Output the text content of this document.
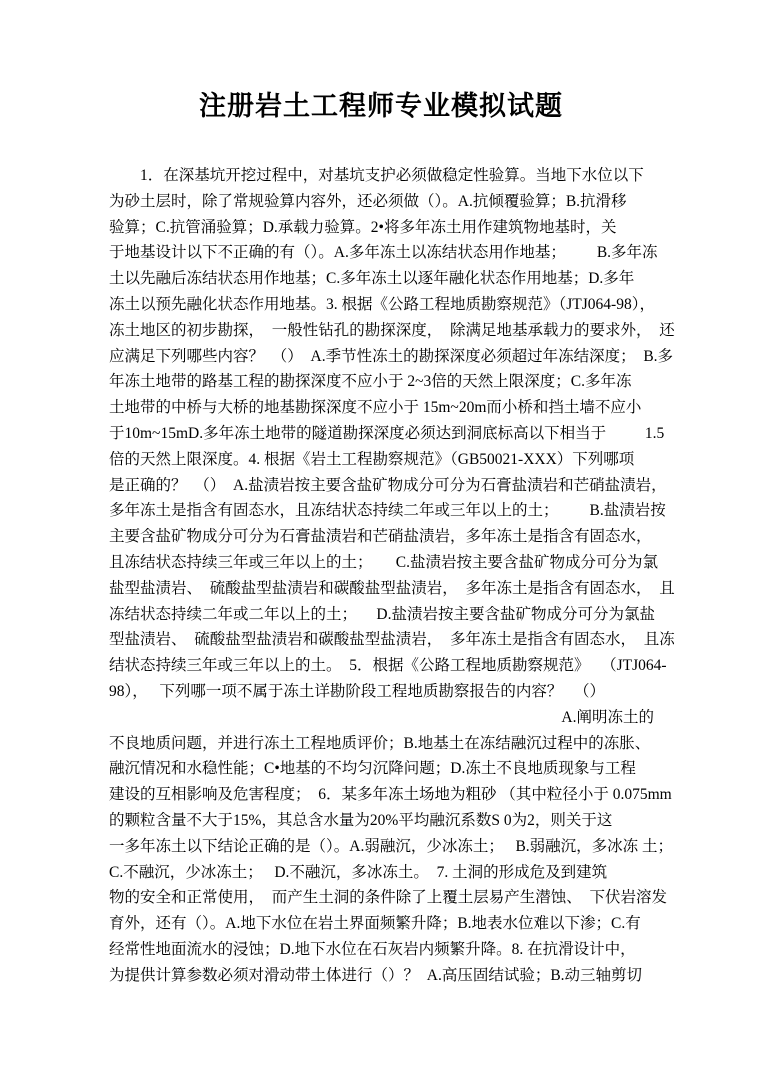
注册岩土工程师专业模拟试题
　　1．在深基坑开挖过程中，对基坑支护必须做稳定性验算。当地下水位以下
为砂土层时，除了常规验算内容外，还必须做（）。A.抗倾覆验算；B.抗滑移
验算；C.抗管涌验算；D.承载力验算。2•将多年冻土用作建筑物地基时，关
于地基设计以下不正确的有（）。A.多年冻土以冻结状态用作地基；        B.多年冻
土以先融后冻结状态用作地基；C.多年冻土以逐年融化状态作用地基；D.多年
冻土以预先融化状态作用地基。3. 根据《公路工程地质勘察规范》（JTJ064-98），
冻土地区的初步勘探，  一般性钻孔的勘探深度，  除满足地基承载力的要求外，  还
应满足下列哪些内容？  （）  A.季节性冻土的勘探深度必须超过年冻结深度；  B.多
年冻土地带的路基工程的勘探深度不应小于 2~3倍的天然上限深度；C.多年冻
土地带的中桥与大桥的地基勘探深度不应小于 15m~20m而小桥和挡土墙不应小
于10m~15mD.多年冻土地带的隧道勘探深度必须达到洞底标高以下相当于          1.5
倍的天然上限深度。4. 根据《岩土工程勘察规范》（GB50021-XXX）下列哪项
是正确的？  （）  A.盐渍岩按主要含盐矿物成分可分为石膏盐渍岩和芒硝盐渍岩，
多年冻土是指含有固态水，且冻结状态持续二年或三年以上的土；        B.盐渍岩按
主要含盐矿物成分可分为石膏盐渍岩和芒硝盐渍岩，多年冻土是指含有固态水，
且冻结状态持续三年或三年以上的土；      C.盐渍岩按主要含盐矿物成分可分为氯
盐型盐渍岩、  硫酸盐型盐渍岩和碳酸盐型盐渍岩，  多年冻土是指含有固态水，  且
冻结状态持续二年或二年以上的土；     D.盐渍岩按主要含盐矿物成分可分为氯盐
型盐渍岩、  硫酸盐型盐渍岩和碳酸盐型盐渍岩，  多年冻土是指含有固态水，  且冻
结状态持续三年或三年以上的土。  5．根据《公路工程地质勘察规范》   （JTJ064-
98），   下列哪一项不属于冻土详勘阶段工程地质勘察报告的内容？   （）
A.阐明冻土的
不良地质问题，并进行冻土工程地质评价；B.地基土在冻结融沉过程中的冻胀、
融沉情况和水稳性能；C•地基的不均匀沉降问题；D.冻土不良地质现象与工程
建设的互相影响及危害程度；  6．某多年冻土场地为粗砂 （其中粒径小于 0.075mm
的颗粒含量不大于15%，其总含水量为20%平均融沉系数S 0为2，则关于这
一多年冻土以下结论正确的是（）。A.弱融沉，少冰冻土；   B.弱融沉，多冰冻 土；
C.不融沉，少冰冻土；   D.不融沉，多冰冻土。  7. 土洞的形成危及到建筑
物的安全和正常使用，  而产生土洞的条件除了上覆土层易产生潜蚀、  下伏岩溶发
育外，还有（）。A.地下水位在岩土界面频繁升降；B.地表水位难以下渗；C.有
经常性地面流水的浸蚀；D.地下水位在石灰岩内频繁升降。8. 在抗滑设计中，
为提供计算参数必须对滑动带土体进行（）？  A.高压固结试验；B.动三轴剪切
